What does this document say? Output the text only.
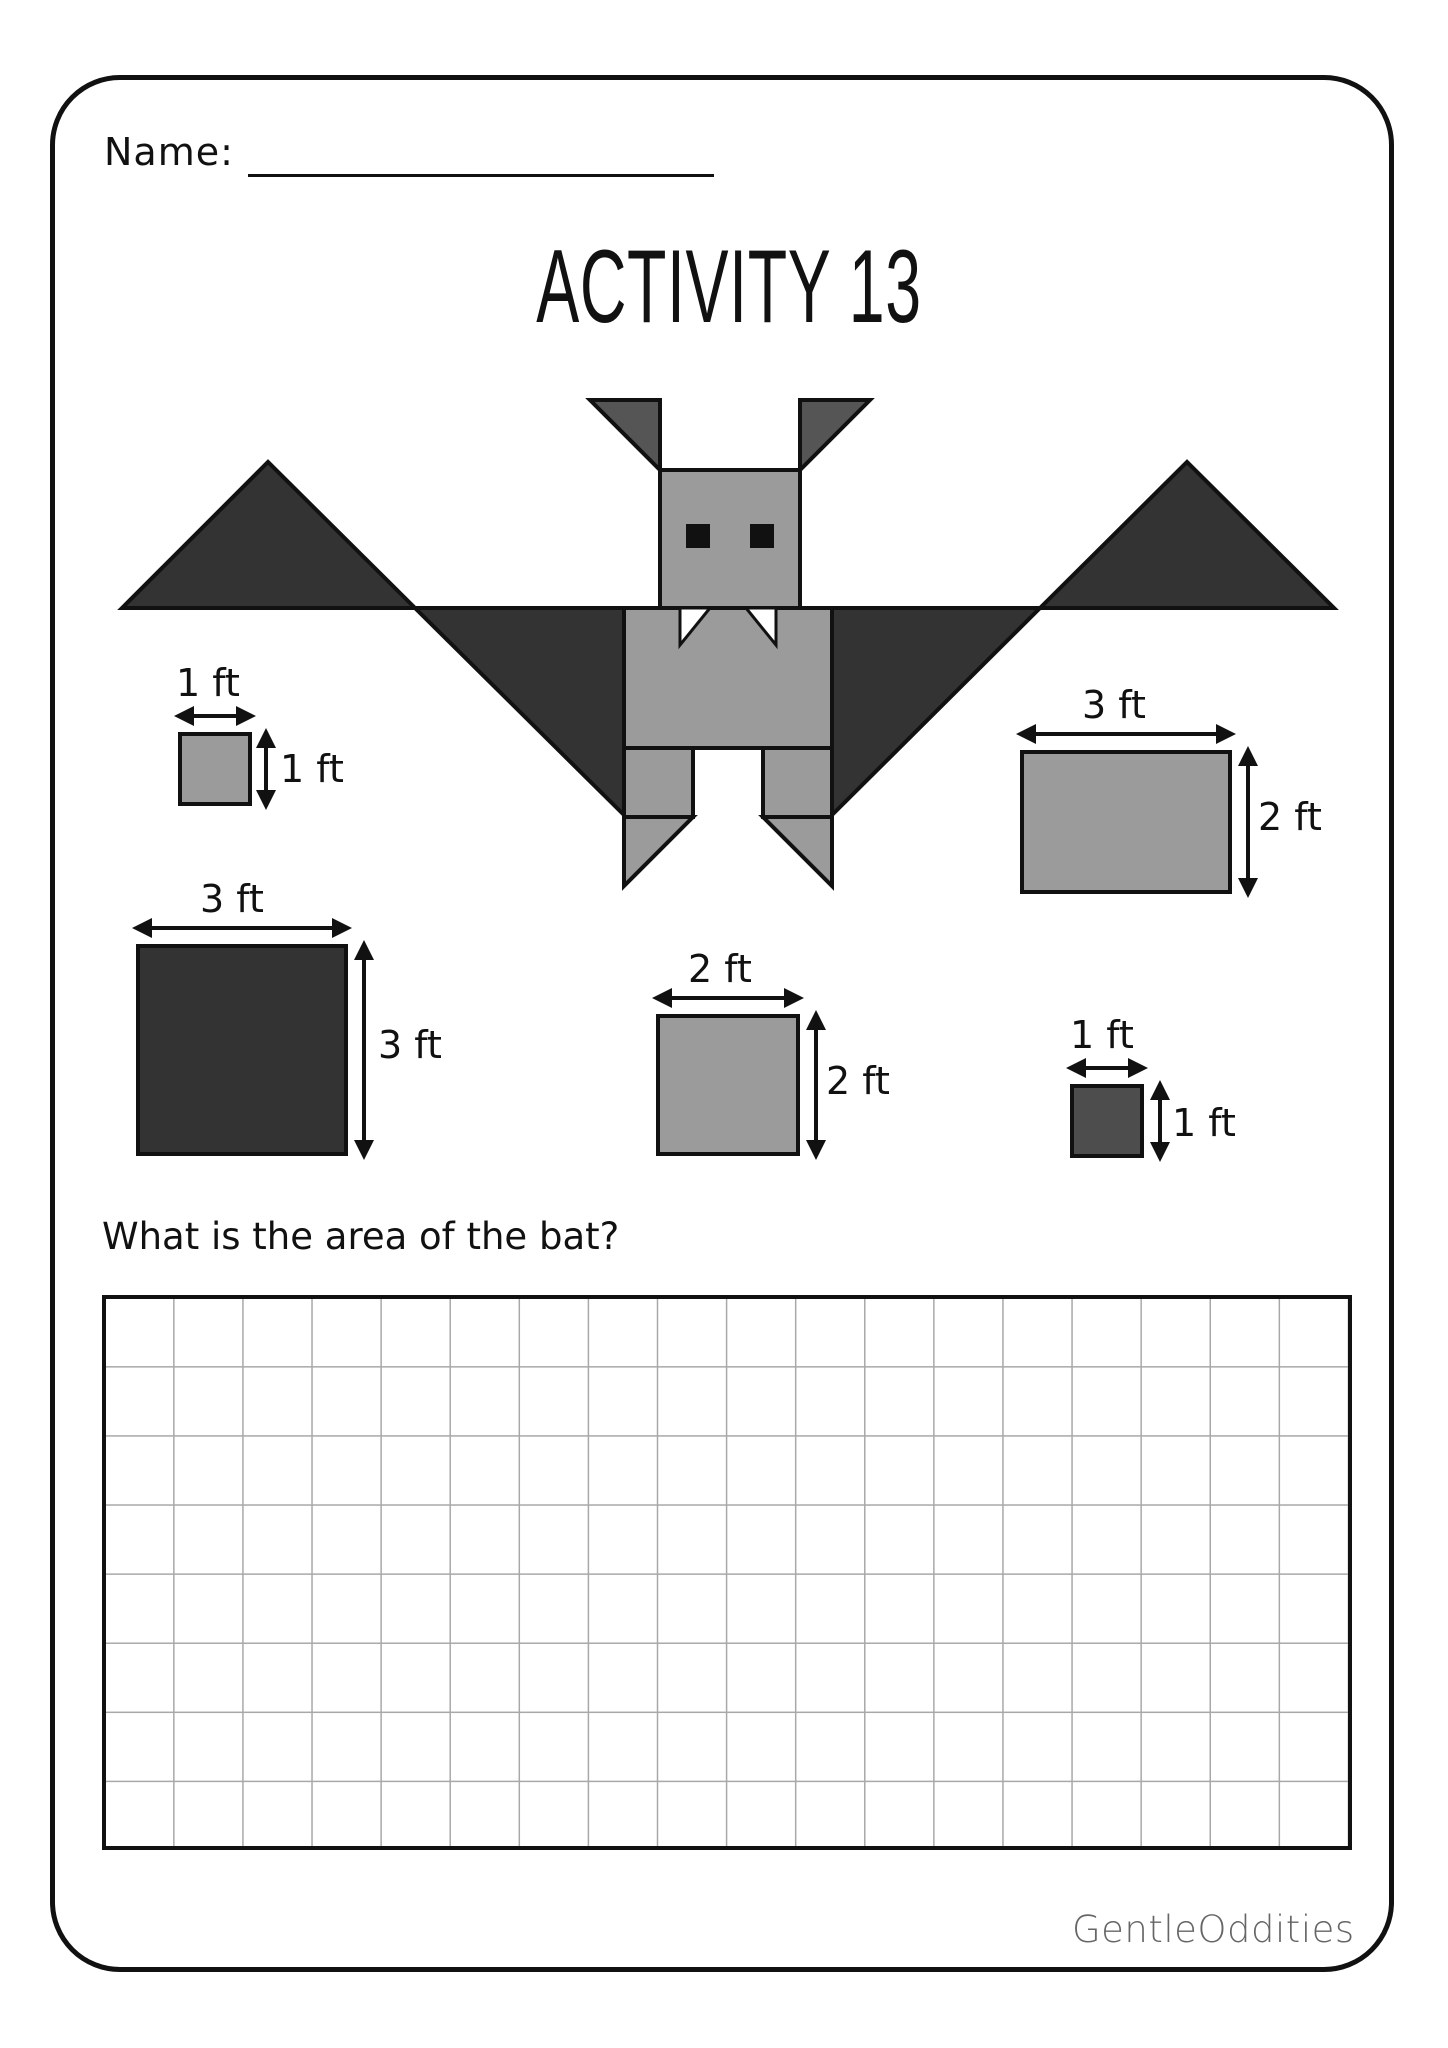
Name:
ACTIVITY 13
1 ft
1 ft
3 ft
2 ft
3 ft
3 ft
2 ft
2 ft
1 ft
1 ft
What is the area of the bat?
GentleOddities
